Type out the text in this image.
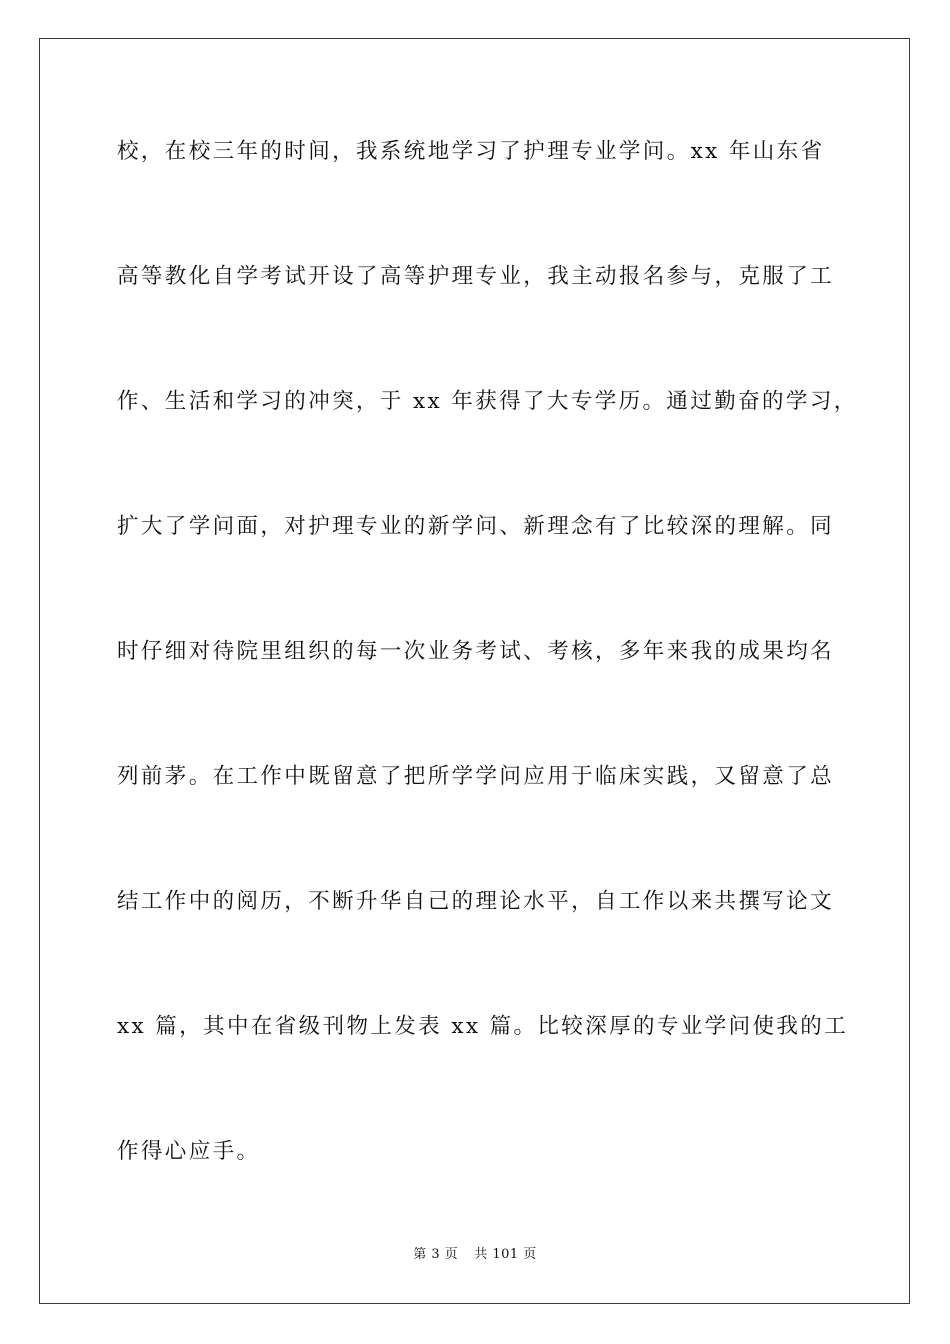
校，在校三年的时间，我系统地学习了护理专业学问。xx 年山东省
高等教化自学考试开设了高等护理专业，我主动报名参与，克服了工
作、生活和学习的冲突，于 xx 年获得了大专学历。通过勤奋的学习，
扩大了学问面，对护理专业的新学问、新理念有了比较深的理解。同
时仔细对待院里组织的每一次业务考试、考核，多年来我的成果均名
列前茅。在工作中既留意了把所学学问应用于临床实践，又留意了总
结工作中的阅历，不断升华自己的理论水平，自工作以来共撰写论文
xx 篇，其中在省级刊物上发表 xx 篇。比较深厚的专业学问使我的工
作得心应手。
第 3 页 共 101 页
